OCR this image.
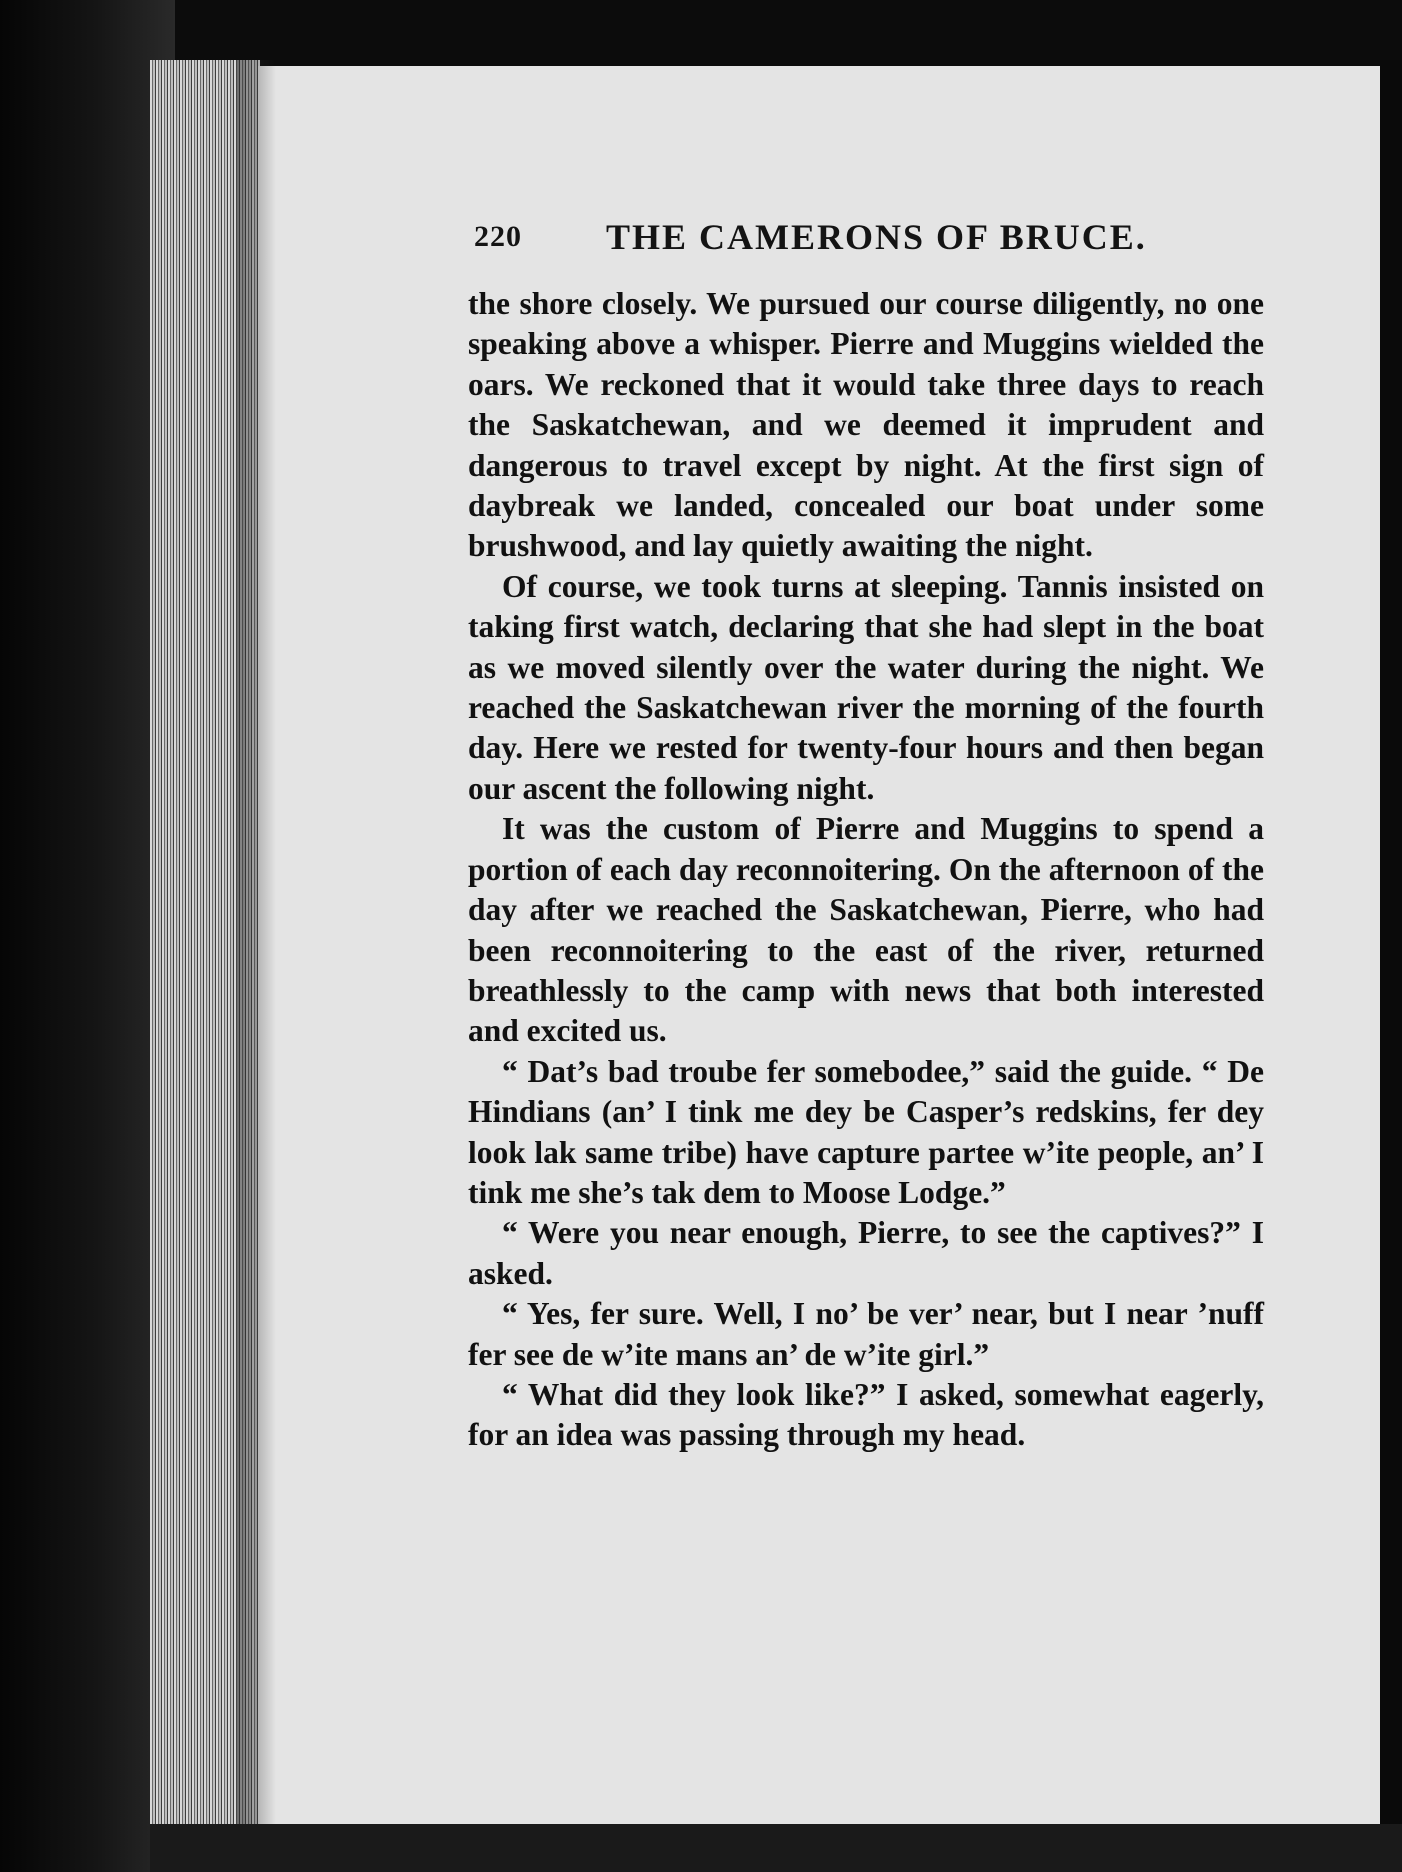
220 THE CAMERONS OF BRUCE.

the shore closely. We pursued our course diligently, no one speaking above a whisper. Pierre and Muggins wielded the oars. We reckoned that it would take three days to reach the Saskatchewan, and we deemed it imprudent and dangerous to travel except by night. At the first sign of daybreak we landed, concealed our boat under some brushwood, and lay quietly awaiting the night.

Of course, we took turns at sleeping. Tannis insisted on taking first watch, declaring that she had slept in the boat as we moved silently over the water during the night. We reached the Saskatchewan river the morning of the fourth day. Here we rested for twenty-four hours and then began our ascent the following night.

It was the custom of Pierre and Muggins to spend a portion of each day reconnoitering. On the afternoon of the day after we reached the Saskatchewan, Pierre, who had been reconnoitering to the east of the river, returned breathlessly to the camp with news that both interested and excited us.

“ Dat’s bad troube fer somebodee,” said the guide. “ De Hindians (an’ I tink me dey be Casper’s redskins, fer dey look lak same tribe) have capture partee w’ite people, an’ I tink me she’s tak dem to Moose Lodge.”

“ Were you near enough, Pierre, to see the captives?” I asked.

“ Yes, fer sure. Well, I no’ be ver’ near, but I near ’nuff fer see de w’ite mans an’ de w’ite girl.”

“ What did they look like?” I asked, somewhat eagerly, for an idea was passing through my head.
